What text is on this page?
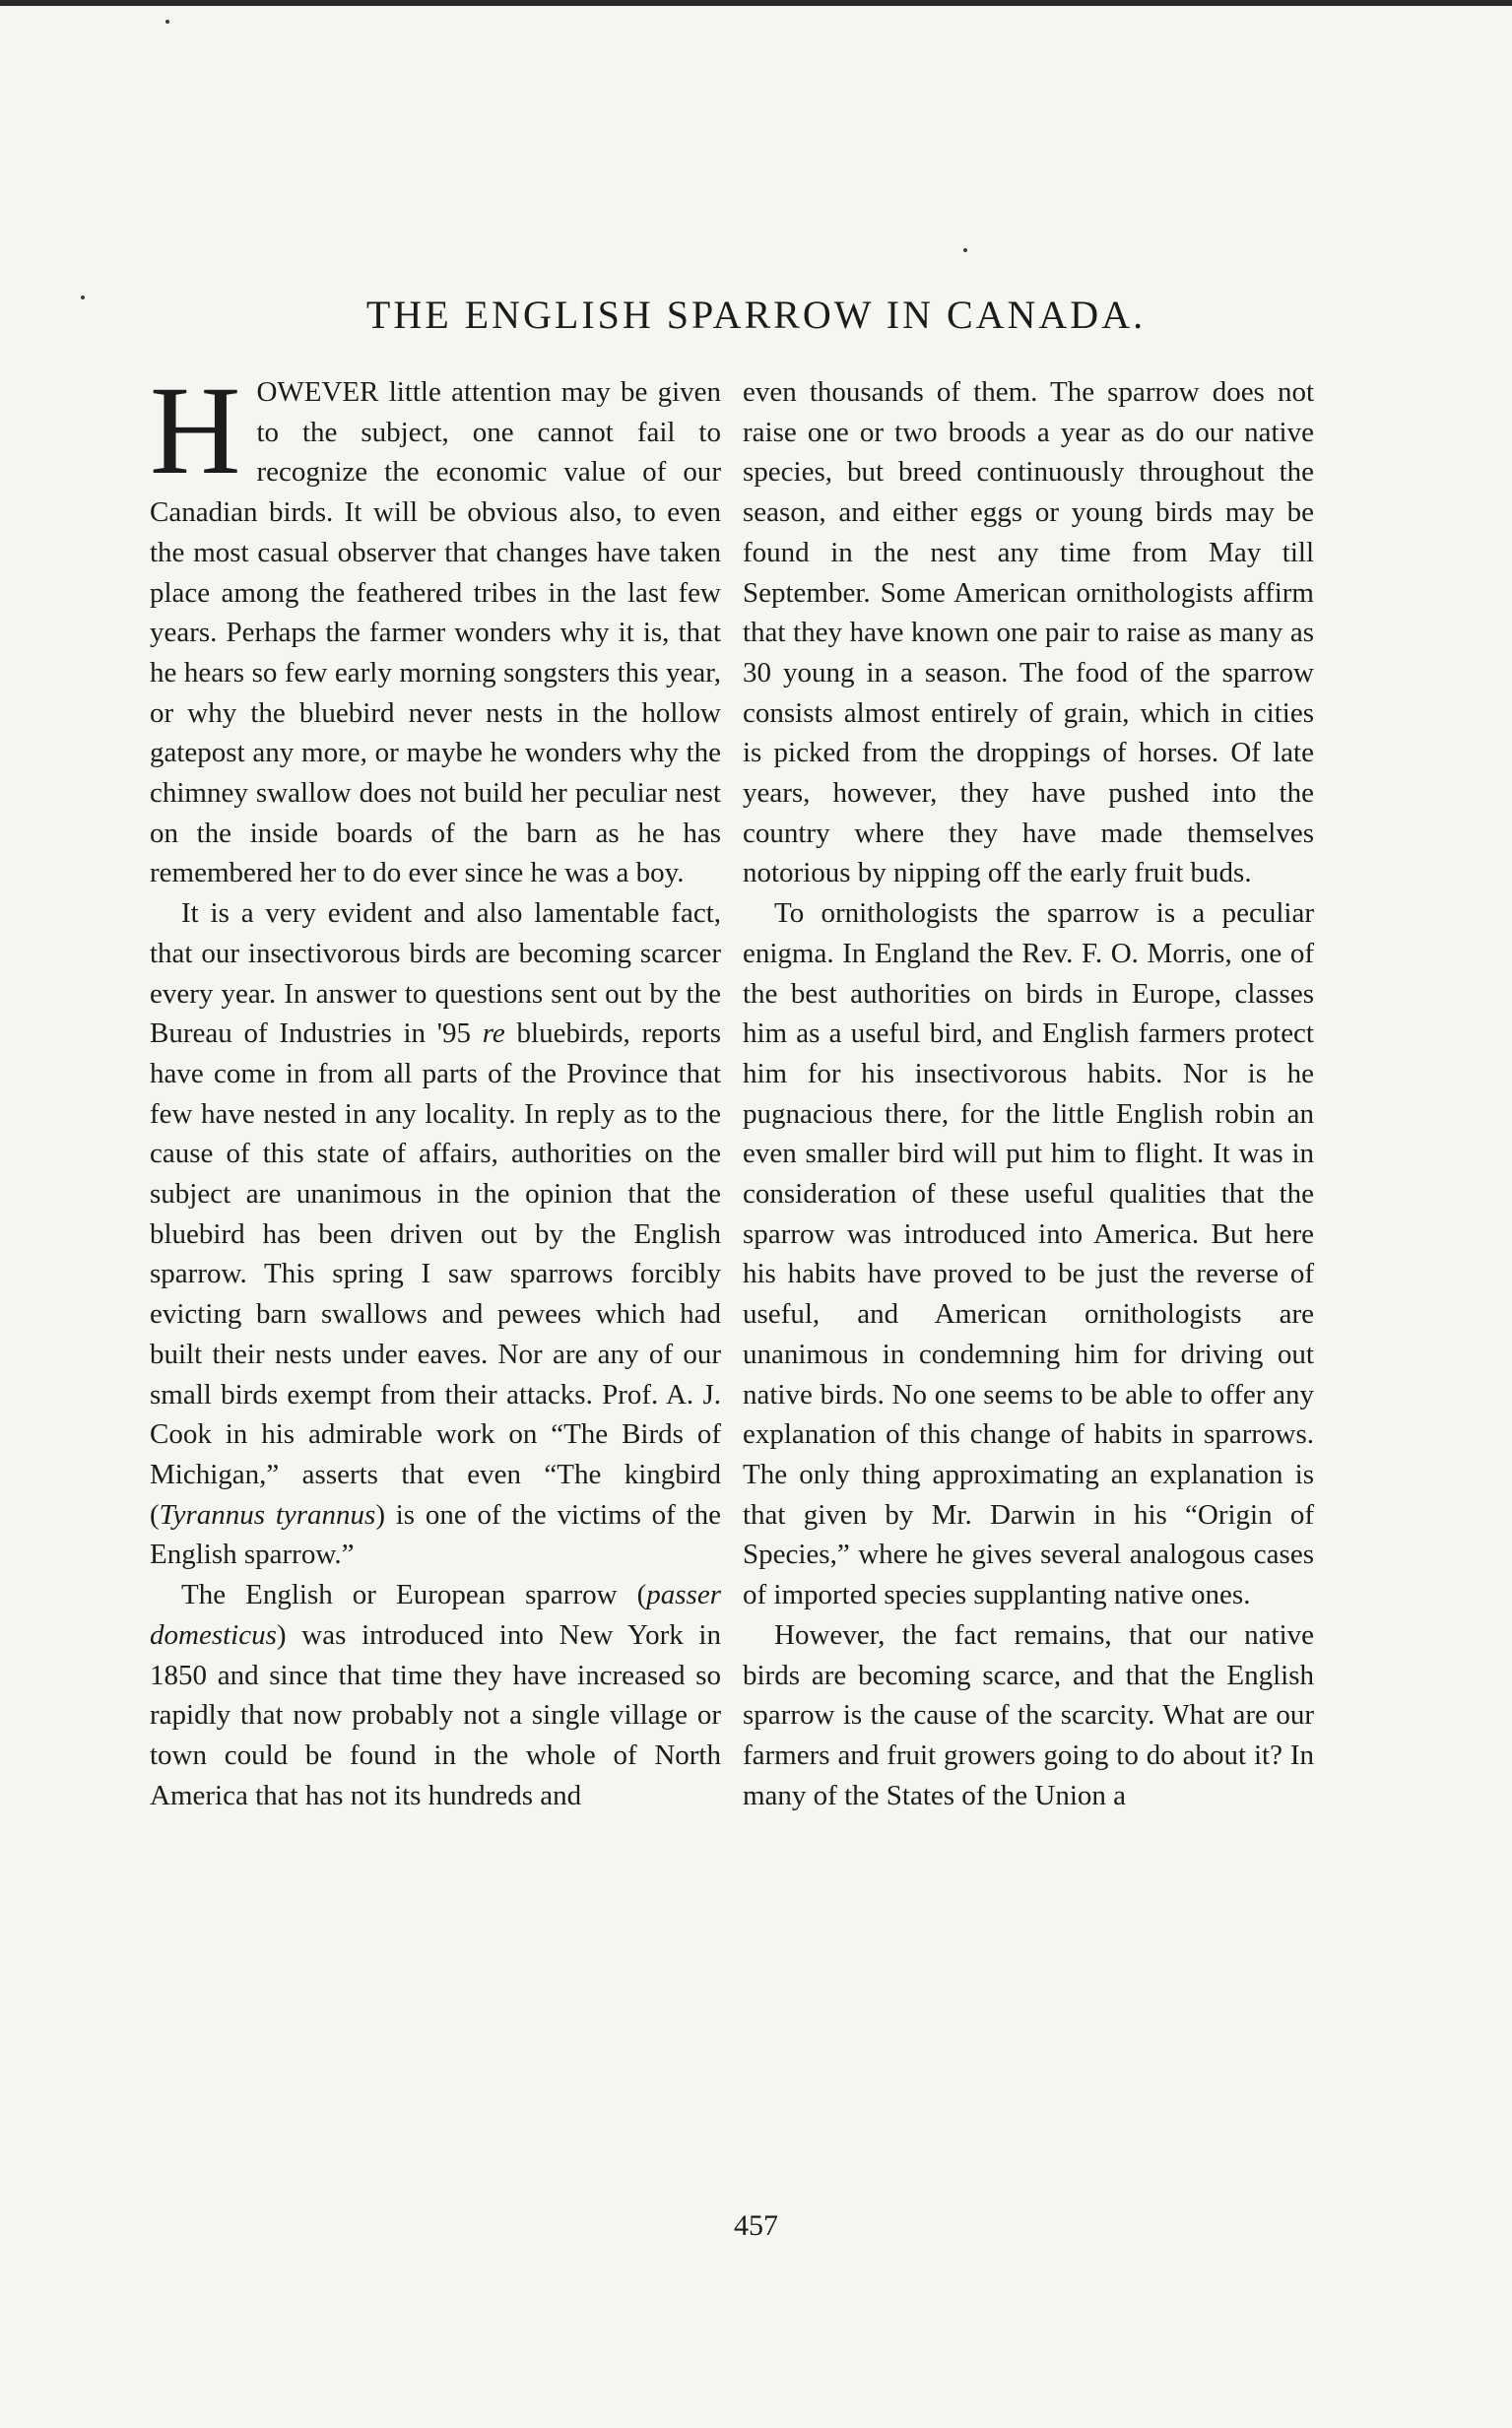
THE ENGLISH SPARROW IN CANADA.

HOWEVER little attention may be given to the subject, one cannot fail to recognize the economic value of our Canadian birds. It will be obvious also, to even the most casual observer that changes have taken place among the feathered tribes in the last few years. Perhaps the farmer wonders why it is, that he hears so few early morning songsters this year, or why the bluebird never nests in the hollow gatepost any more, or maybe he wonders why the chimney swallow does not build her peculiar nest on the inside boards of the barn as he has remembered her to do ever since he was a boy.

It is a very evident and also lamentable fact, that our insectivorous birds are becoming scarcer every year. In answer to questions sent out by the Bureau of Industries in '95 re bluebirds, reports have come in from all parts of the Province that few have nested in any locality. In reply as to the cause of this state of affairs, authorities on the subject are unanimous in the opinion that the bluebird has been driven out by the English sparrow. This spring I saw sparrows forcibly evicting barn swallows and pewees which had built their nests under eaves. Nor are any of our small birds exempt from their attacks. Prof. A. J. Cook in his admirable work on “The Birds of Michigan,” asserts that even “The kingbird (Tyrannus tyrannus) is one of the victims of the English sparrow.”

The English or European sparrow (passer domesticus) was introduced into New York in 1850 and since that time they have increased so rapidly that now probably not a single village or town could be found in the whole of North America that has not its hundreds and

even thousands of them. The sparrow does not raise one or two broods a year as do our native species, but breed continuously throughout the season, and either eggs or young birds may be found in the nest any time from May till September. Some American ornithologists affirm that they have known one pair to raise as many as 30 young in a season. The food of the sparrow consists almost entirely of grain, which in cities is picked from the droppings of horses. Of late years, however, they have pushed into the country where they have made themselves notorious by nipping off the early fruit buds.

To ornithologists the sparrow is a peculiar enigma. In England the Rev. F. O. Morris, one of the best authorities on birds in Europe, classes him as a useful bird, and English farmers protect him for his insectivorous habits. Nor is he pugnacious there, for the little English robin an even smaller bird will put him to flight. It was in consideration of these useful qualities that the sparrow was introduced into America. But here his habits have proved to be just the reverse of useful, and American ornithologists are unanimous in condemning him for driving out native birds. No one seems to be able to offer any explanation of this change of habits in sparrows. The only thing approximating an explanation is that given by Mr. Darwin in his “Origin of Species,” where he gives several analogous cases of imported species supplanting native ones.

However, the fact remains, that our native birds are becoming scarce, and that the English sparrow is the cause of the scarcity. What are our farmers and fruit growers going to do about it? In many of the States of the Union a

457
